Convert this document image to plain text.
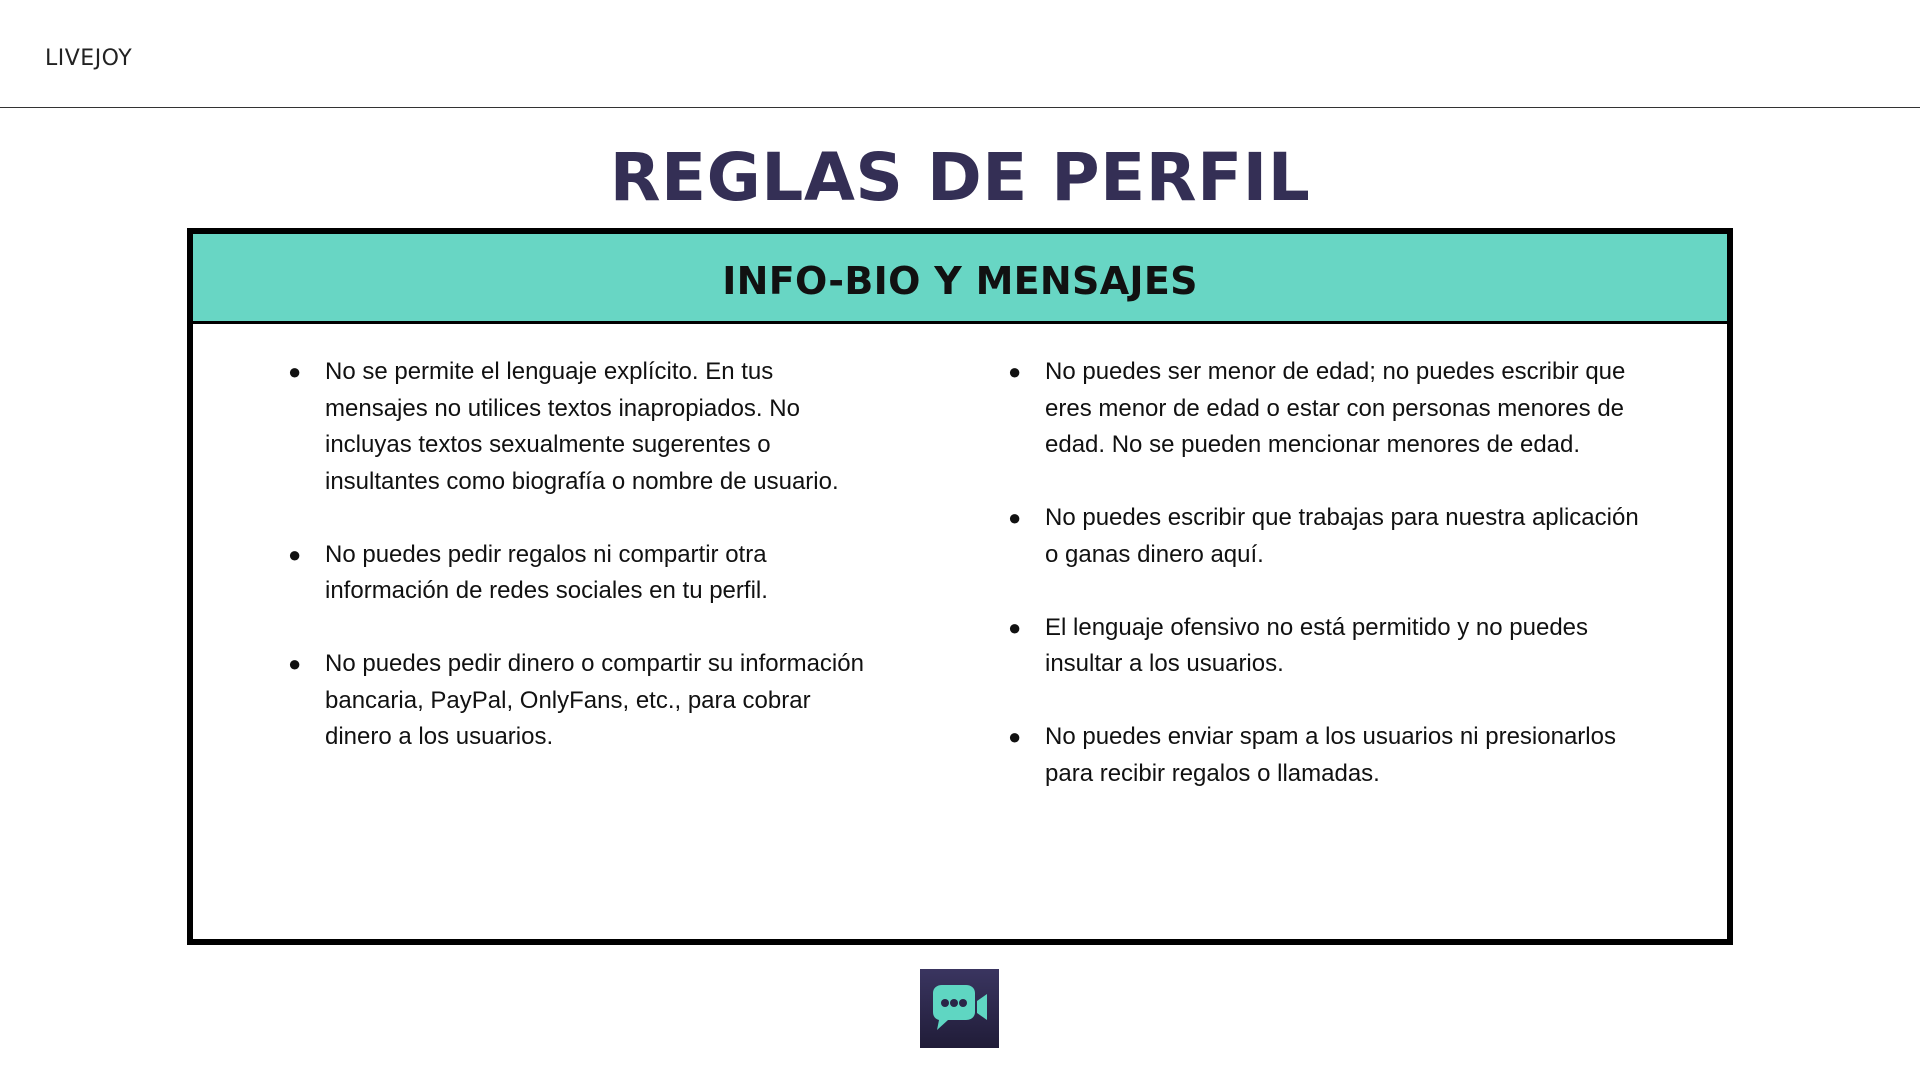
LIVEJOY
REGLAS DE PERFIL
INFO-BIO Y MENSAJES
● No se permite el lenguaje explícito. En tus mensajes no utilices textos inapropiados. No incluyas textos sexualmente sugerentes o insultantes como biografía o nombre de usuario.
● No puedes pedir regalos ni compartir otra información de redes sociales en tu perfil.
● No puedes pedir dinero o compartir su información bancaria, PayPal, OnlyFans, etc., para cobrar dinero a los usuarios.
● No puedes ser menor de edad; no puedes escribir que eres menor de edad o estar con personas menores de edad. No se pueden mencionar menores de edad.
● No puedes escribir que trabajas para nuestra aplicación o ganas dinero aquí.
● El lenguaje ofensivo no está permitido y no puedes insultar a los usuarios.
● No puedes enviar spam a los usuarios ni presionarlos para recibir regalos o llamadas.
